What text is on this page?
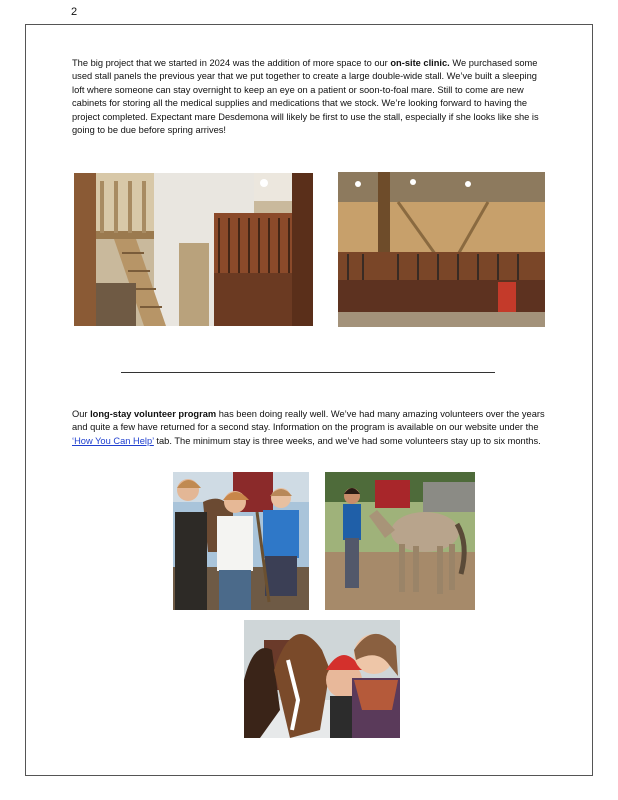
2

The big project that we started in 2024 was the addition of more space to our on-site clinic. We purchased some used stall panels the previous year that we put together to create a large double-wide stall. We’ve built a sleeping loft where someone can stay overnight to keep an eye on a patient or soon-to-foal mare. Still to come are new cabinets for storing all the medical supplies and medications that we stock. We’re looking forward to having the project completed. Expectant mare Desdemona will likely be first to use the stall, especially if she looks like she is going to be due before spring arrives!

Our long-stay volunteer program has been doing really well. We’ve had many amazing volunteers over the years and quite a few have returned for a second stay. Information on the program is available on our website under the ‘How You Can Help’ tab. The minimum stay is three weeks, and we’ve had some volunteers stay up to six months.
